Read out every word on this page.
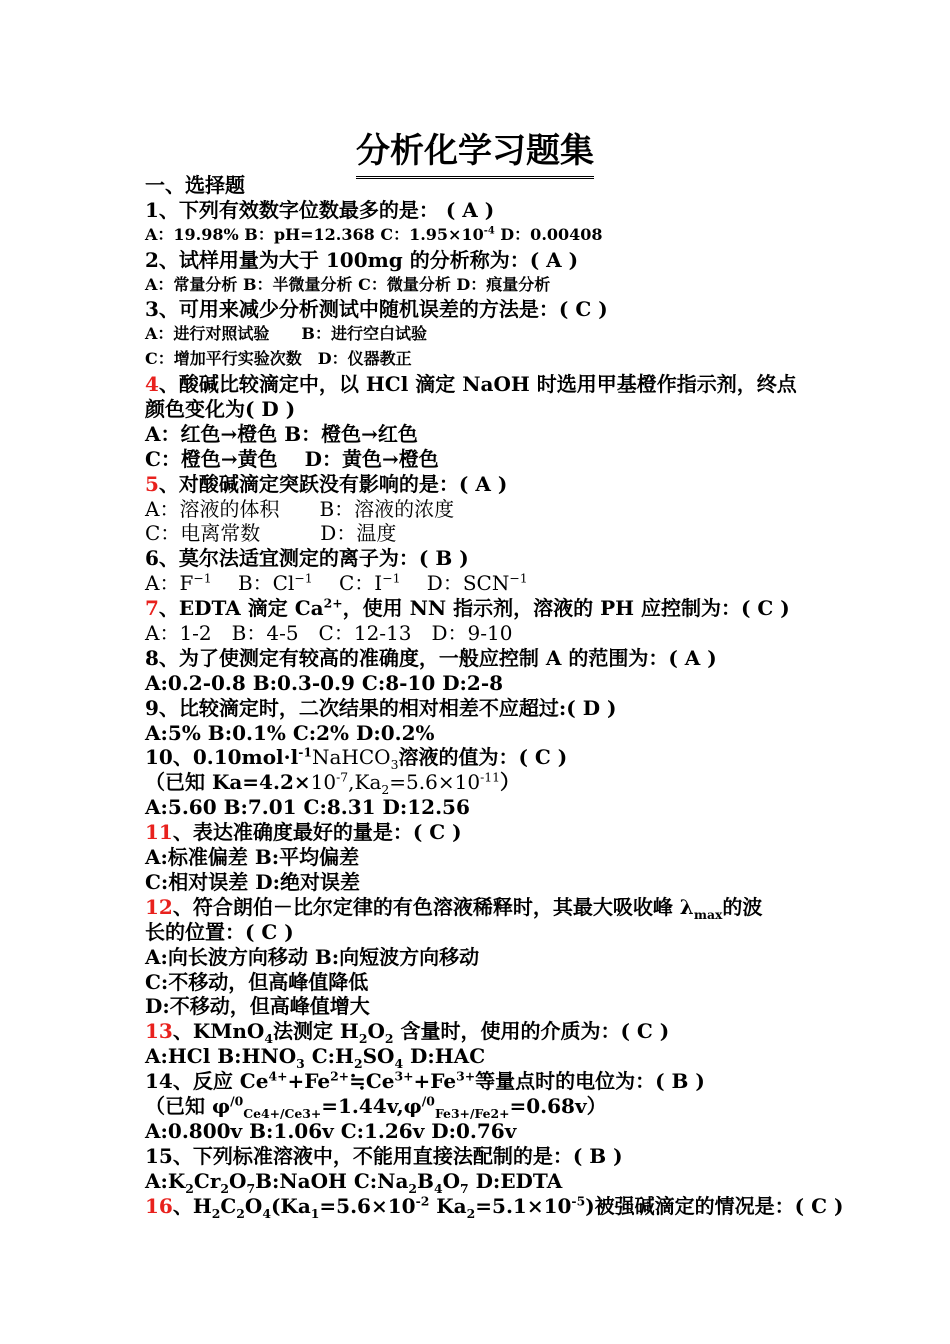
分析化学习题集
一、选择题
1、下列有效数字位数最多的是： ( A )
A：19.98% B：pH=12.368 C：$1.95\times 10^{-4}$ D：0.00408
2、试样用量为大于 100mg 的分析称为：( A )
A：常量分析 B：半微量分析 C：微量分析 D：痕量分析
3、可用来减少分析测试中随机误差的方法是：( C )
A：进行对照试验　　B：进行空白试验
C：增加平行实验次数　D：仪器教正
4、酸碱比较滴定中，以 HCl 滴定 NaOH 时选用甲基橙作指示剂，终点
颜色变化为( D )
A：红色→橙色 B：橙色→红色
C：橙色→黄色　 D：黄色→橙色
5、对酸碱滴定突跃没有影响的是：( A )
A：溶液的体积　　B：溶液的浓度
C：电离常数　　　D：温度
6、莫尔法适宜测定的离子为：( B )
A：$F^{-1}$　 B：$Cl^{-1}$　 C：$I^{-1}$　 D：$SCN^{-1}$
7、EDTA 滴定 $Ca^{2+}$，使用 NN 指示剂，溶液的 PH 应控制为：( C )
A：1-2　B：4-5　C：12-13　D：9-10
8、为了使测定有较高的准确度，一般应控制 A 的范围为：( A )
A:0.2-0.8 B:0.3-0.9 C:8-10 D:2-8
9、比较滴定时，二次结果的相对相差不应超过:( D )
A:5% B:0.1% C:2% D:0.2%
10、$0.10mol\cdot l^{-1}NaHCO_3$溶液的值为：( C )
（已知 $Ka=4.2\times 10^{-7},Ka_2=5.6\times 10^{-11}$）
A:5.60 B:7.01 C:8.31 D:12.56
11、表达准确度最好的量是：( C )
A:标准偏差 B:平均偏差
C:相对误差 D:绝对误差
12、符合朗伯－比尔定律的有色溶液稀释时，其最大吸收峰 $\lambda_{max}$的波
长的位置：( C )
A:向长波方向移动 B:向短波方向移动
C:不移动，但高峰值降低
D:不移动，但高峰值增大
13、KMnO$_4$法测定 $H_2O_2$ 含量时，使用的介质为：( C )
A:HCl $B:HNO_3$ $C:H_2SO_4$ D:HAC
14、反应 $Ce^{4+}+Fe^{2+}≒Ce^{3+}+Fe^{3+}$等量点时的电位为：( B )
（已知 $\varphi^{/0}_{Ce4+/Ce3+}=1.44v,\varphi^{/0}_{Fe3+/Fe2+}=0.68v$）
A:0.800v B:1.06v C:1.26v D:0.76v
15、下列标准溶液中，不能用直接法配制的是：( B )
$A:K_2Cr_2O_7B:NaOH$ $C:Na_2B_4O_7$ D:EDTA
16、$H_2C_2O_4(Ka_1=5.6\times 10^{-2}$ $Ka_2=5.1\times 10^{-5}$)被强碱滴定的情况是：( C )
